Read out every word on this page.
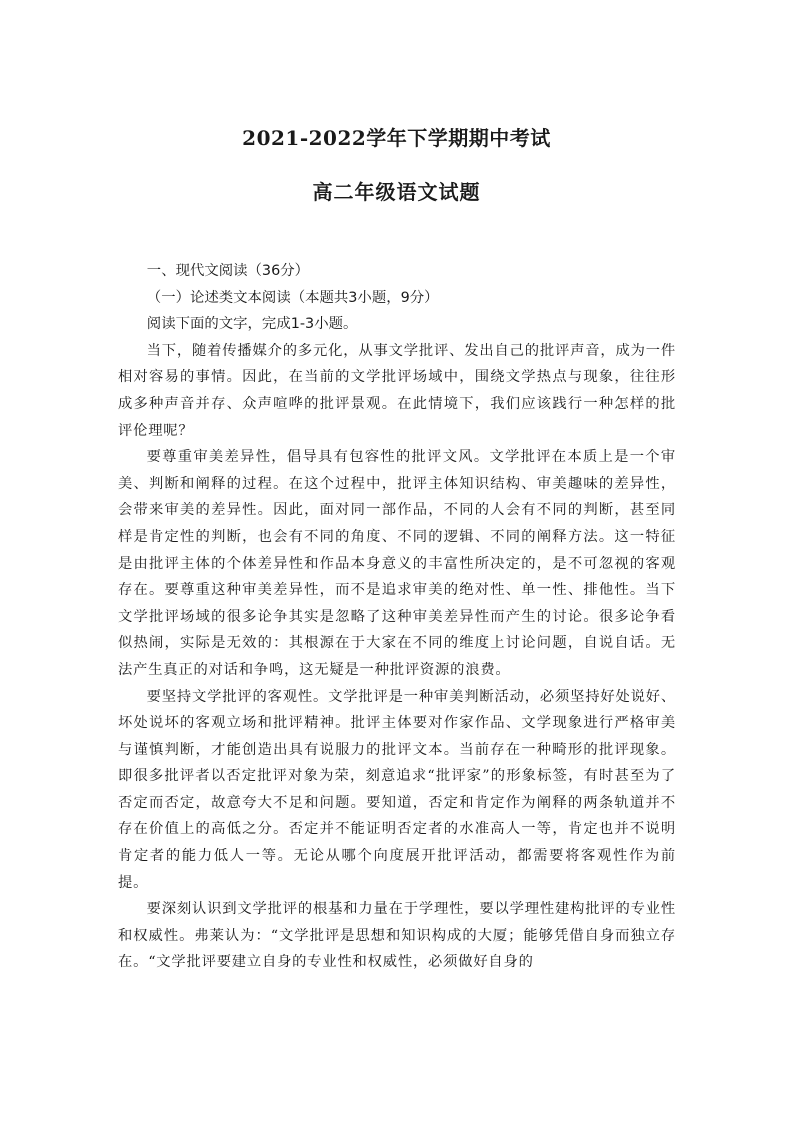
2021-2022学年下学期期中考试
高二年级语文试题

一、现代文阅读（36分）

（一）论述类文本阅读（本题共3小题，9分）

阅读下面的文字，完成1-3小题。

当下，随着传播媒介的多元化，从事文学批评、发出自己的批评声音，成为一件相对容易的事情。因此，在当前的文学批评场域中，围绕文学热点与现象，往往形成多种声音并存、众声喧哗的批评景观。在此情境下，我们应该践行一种怎样的批评伦理呢？

要尊重审美差异性，倡导具有包容性的批评文风。文学批评在本质上是一个审美、判断和阐释的过程。在这个过程中，批评主体知识结构、审美趣味的差异性，会带来审美的差异性。因此，面对同一部作品，不同的人会有不同的判断，甚至同样是肯定性的判断，也会有不同的角度、不同的逻辑、不同的阐释方法。这一特征是由批评主体的个体差异性和作品本身意义的丰富性所决定的，是不可忽视的客观存在。要尊重这种审美差异性，而不是追求审美的绝对性、单一性、排他性。当下文学批评场域的很多论争其实是忽略了这种审美差异性而产生的讨论。很多论争看似热闹，实际是无效的：其根源在于大家在不同的维度上讨论问题，自说自话。无法产生真正的对话和争鸣，这无疑是一种批评资源的浪费。

要坚持文学批评的客观性。文学批评是一种审美判断活动，必须坚持好处说好、坏处说坏的客观立场和批评精神。批评主体要对作家作品、文学现象进行严格审美与谨慎判断，才能创造出具有说服力的批评文本。当前存在一种畸形的批评现象。即很多批评者以否定批评对象为荣，刻意追求“批评家”的形象标签，有时甚至为了否定而否定，故意夸大不足和问题。要知道，否定和肯定作为阐释的两条轨道并不存在价值上的高低之分。否定并不能证明否定者的水准高人一等，肯定也并不说明肯定者的能力低人一等。无论从哪个向度展开批评活动，都需要将客观性作为前提。

要深刻认识到文学批评的根基和力量在于学理性，要以学理性建构批评的专业性和权威性。弗莱认为：“文学批评是思想和知识构成的大厦；能够凭借自身而独立存在。“文学批评要建立自身的专业性和权威性，必须做好自身的
